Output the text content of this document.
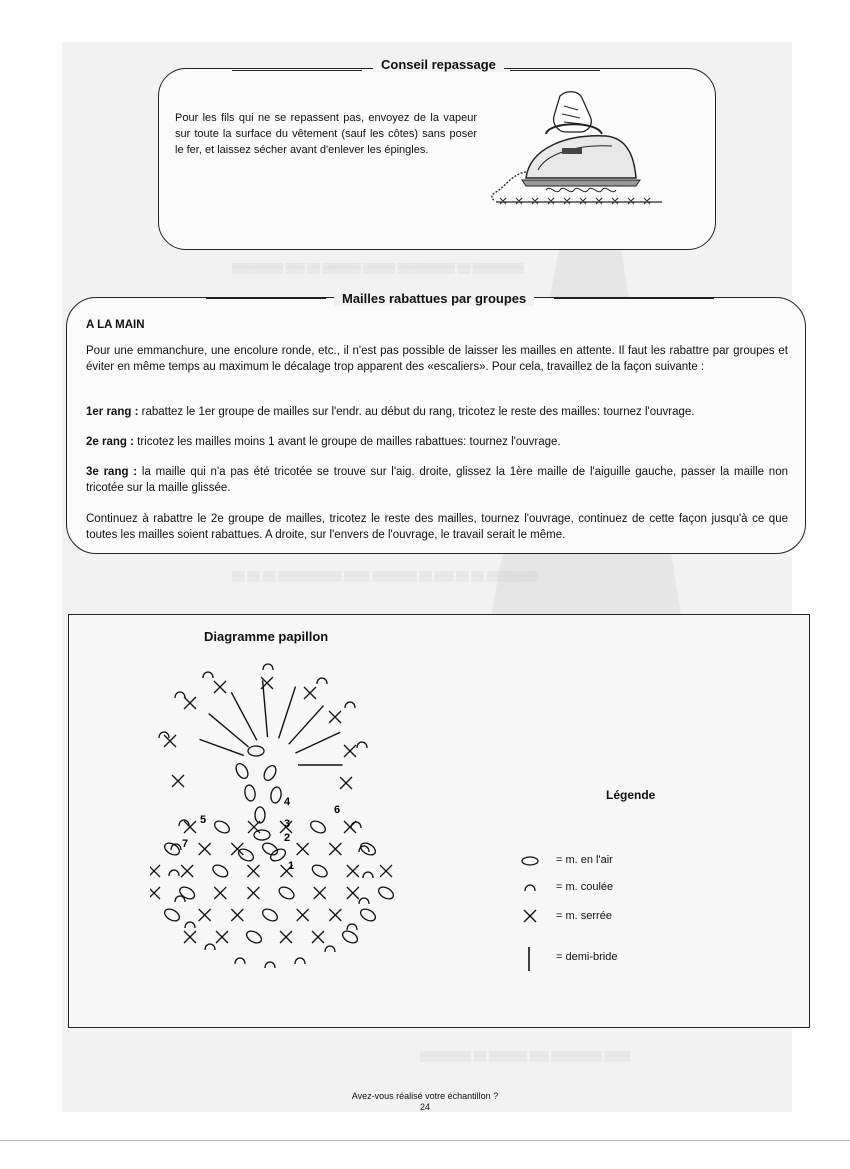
▒▒▒▒▒▒▒▒ ▒▒▒ ▒▒ ▒▒▒▒▒▒ ▒▒▒▒▒ ▒▒▒▒▒▒▒▒▒ ▒▒ ▒▒▒▒▒▒▒▒
▒▒ ▒▒ ▒▒ ▒▒▒▒▒▒▒▒▒▒ ▒▒▒▒ ▒▒▒▒▒▒▒ ▒▒ ▒▒▒ ▒▒ ▒▒ ▒▒▒▒▒▒▒▒
▒▒▒▒▒▒▒▒ ▒▒ ▒▒▒▒▒▒ ▒▒▒ ▒▒▒▒▒▒▒▒ ▒▒▒▒
Conseil repassage
Pour les fils qui ne se repassent pas, envoyez de la vapeur sur toute la surface du vêtement (sauf les côtes) sans poser le fer, et laissez sécher avant d'enlever les épingles.
Mailles rabattues par groupes
A LA MAIN
Pour une emmanchure, une encolure ronde, etc., il n'est pas possible de laisser les mailles en attente. Il faut les rabattre par groupes et éviter en même temps au maximum le décalage trop apparent des «escaliers». Pour cela, travaillez de la façon suivante :
1er rang : rabattez le 1er groupe de mailles sur l'endr. au début du rang, tricotez le reste des mailles: tournez l'ouvrage.
2e rang : tricotez les mailles moins 1 avant le groupe de mailles rabattues: tournez l'ouvrage.
3e rang : la maille qui n'a pas été tricotée se trouve sur l'aig. droite, glissez la 1ère maille de l'aiguille gauche, passer la maille non tricotée sur la maille glissée.
Continuez à rabattre le 2e groupe de mailles, tricotez le reste des mailles, tournez l'ouvrage, continuez de cette façon jusqu'à ce que toutes les mailles soient rabattues. A droite, sur l'envers de l'ouvrage, le travail serait le même.
Diagramme papillon
1
2
3
4
5
6
7
Légende
= m. en l'air
= m. coulée
= m. serrée
= demi-bride
Avez-vous réalisé votre échantillon ?
24
